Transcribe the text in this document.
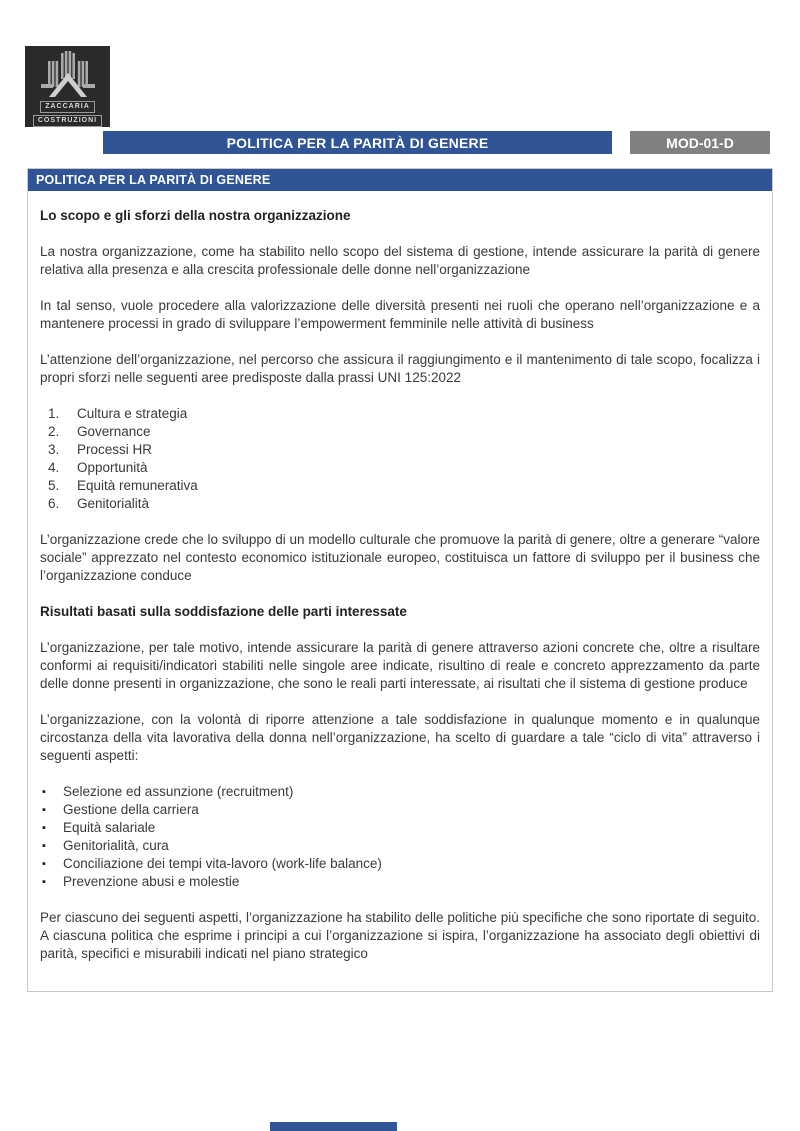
ZACCARIA
COSTRUZIONI
POLITICA PER LA PARITÀ DI GENERE	MOD-01-D
POLITICA PER LA PARITÀ DI GENERE
Lo scopo e gli sforzi della nostra organizzazione

La nostra organizzazione, come ha stabilito nello scopo del sistema di gestione, intende assicurare la parità di genere relativa alla presenza e alla crescita professionale delle donne nell’organizzazione

In tal senso, vuole procedere alla valorizzazione delle diversità presenti nei ruoli che operano nell’organizzazione e a mantenere processi in grado di sviluppare l’empowerment femminile nelle attività di business

L’attenzione dell’organizzazione, nel percorso che assicura il raggiungimento e il mantenimento di tale scopo, focalizza i propri sforzi nelle seguenti aree predisposte dalla prassi UNI 125:2022

1. Cultura e strategia
2. Governance
3. Processi HR
4. Opportunità
5. Equità remunerativa
6. Genitorialità

L’organizzazione crede che lo sviluppo di un modello culturale che promuove la parità di genere, oltre a generare “valore sociale” apprezzato nel contesto economico istituzionale europeo, costituisca un fattore di sviluppo per il business che l’organizzazione conduce

Risultati basati sulla soddisfazione delle parti interessate

L’organizzazione, per tale motivo, intende assicurare la parità di genere attraverso azioni concrete che, oltre a risultare conformi ai requisiti/indicatori stabiliti nelle singole aree indicate, risultino di reale e concreto apprezzamento da parte delle donne presenti in organizzazione, che sono le reali parti interessate, ai risultati che il sistema di gestione produce

L’organizzazione, con la volontà di riporre attenzione a tale soddisfazione in qualunque momento e in qualunque circostanza della vita lavorativa della donna nell’organizzazione, ha scelto di guardare a tale “ciclo di vita” attraverso i seguenti aspetti:

▪ Selezione ed assunzione (recruitment)
▪ Gestione della carriera
▪ Equità salariale
▪ Genitorialità, cura
▪ Conciliazione dei tempi vita-lavoro (work-life balance)
▪ Prevenzione abusi e molestie

Per ciascuno dei seguenti aspetti, l’organizzazione ha stabilito delle politiche più specifiche che sono riportate di seguito. A ciascuna politica che esprime i principi a cui l’organizzazione si ispira, l’organizzazione ha associato degli obiettivi di parità, specifici e misurabili indicati nel piano strategico
